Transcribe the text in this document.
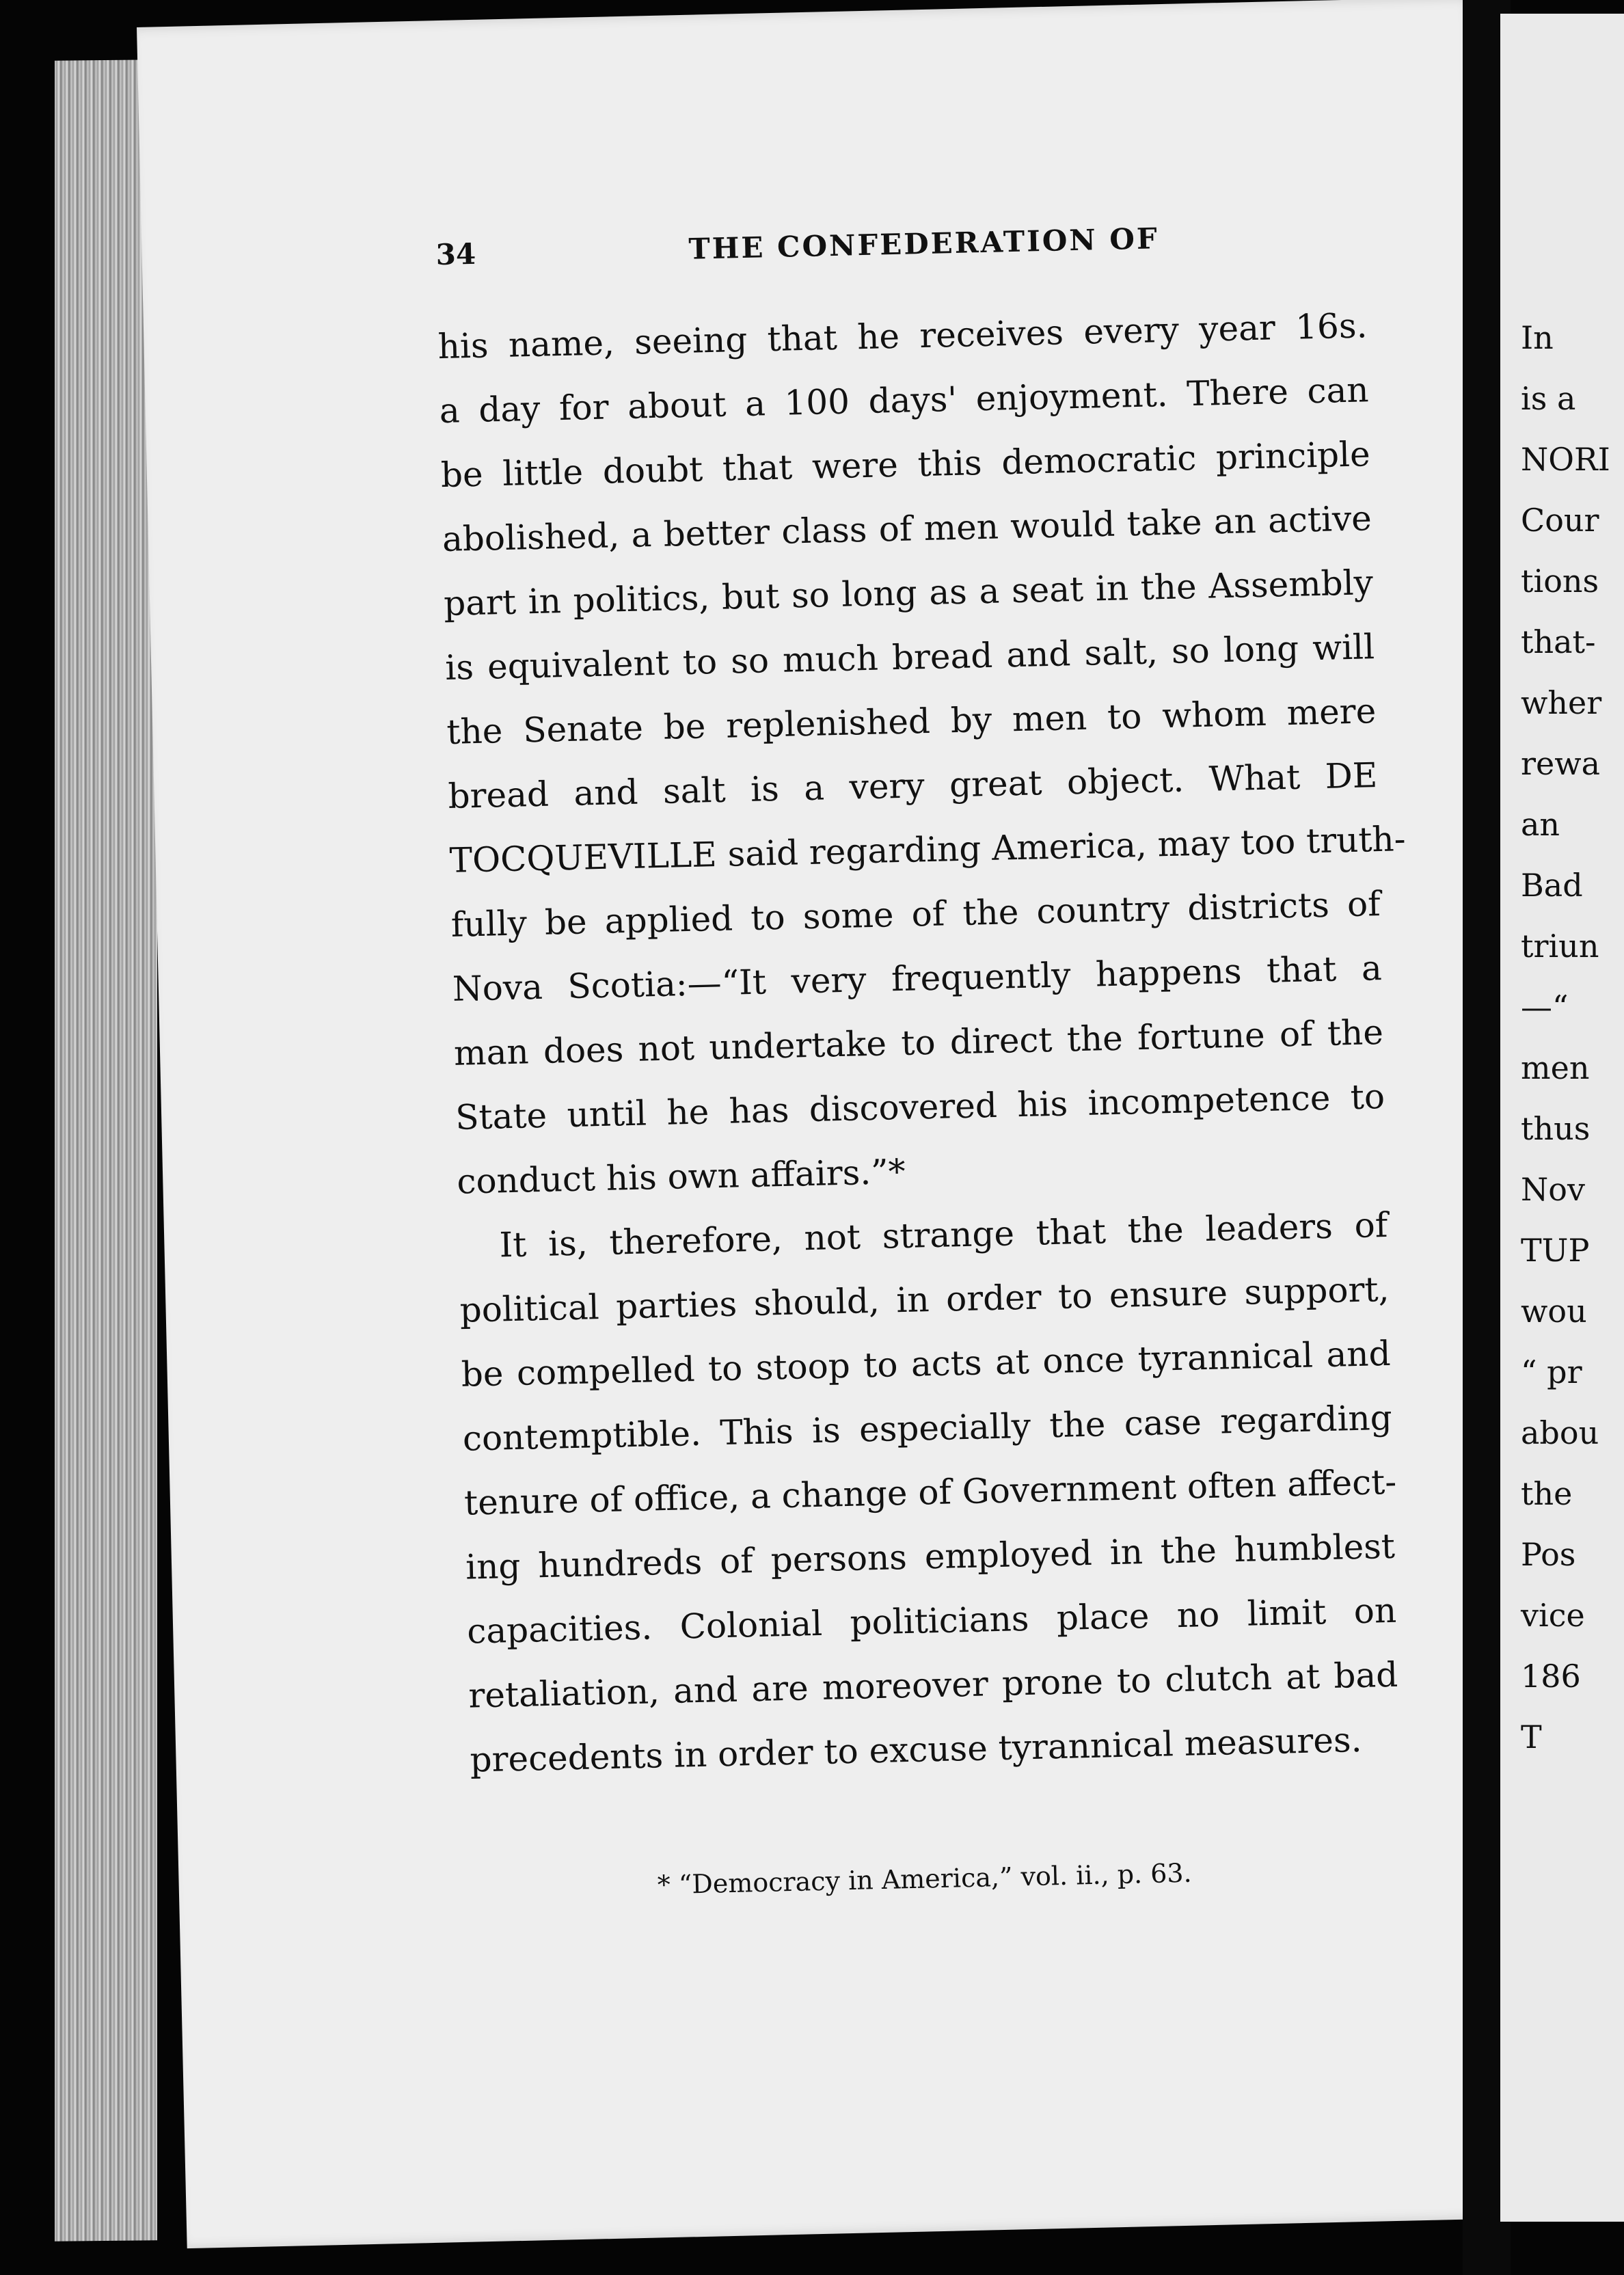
34	THE CONFEDERATION OF
his name, seeing that he receives every year 16s.
a day for about a 100 days' enjoyment. There can
be little doubt that were this democratic principle
abolished, a better class of men would take an active
part in politics, but so long as a seat in the Assembly
is equivalent to so much bread and salt, so long will
the Senate be replenished by men to whom mere
bread and salt is a very great object. What DE
TOCQUEVILLE said regarding America, may too truth-
fully be applied to some of the country districts of
Nova Scotia:—“It very frequently happens that a
man does not undertake to direct the fortune of the
State until he has discovered his incompetence to
conduct his own affairs.”*
It is, therefore, not strange that the leaders of
political parties should, in order to ensure support,
be compelled to stoop to acts at once tyrannical and
contemptible. This is especially the case regarding
tenure of office, a change of Government often affect-
ing hundreds of persons employed in the humblest
capacities. Colonial politicians place no limit on
retaliation, and are moreover prone to clutch at bad
precedents in order to excuse tyrannical measures.
* “Democracy in America,” vol. ii., p. 63.
In
is a
NORI
Cour
tions
that-
wher
rewa
an
Bad
triun
—“
men
thus
Nov
TUP
wou
“ pr
abou
the
Pos
vice
186
T
